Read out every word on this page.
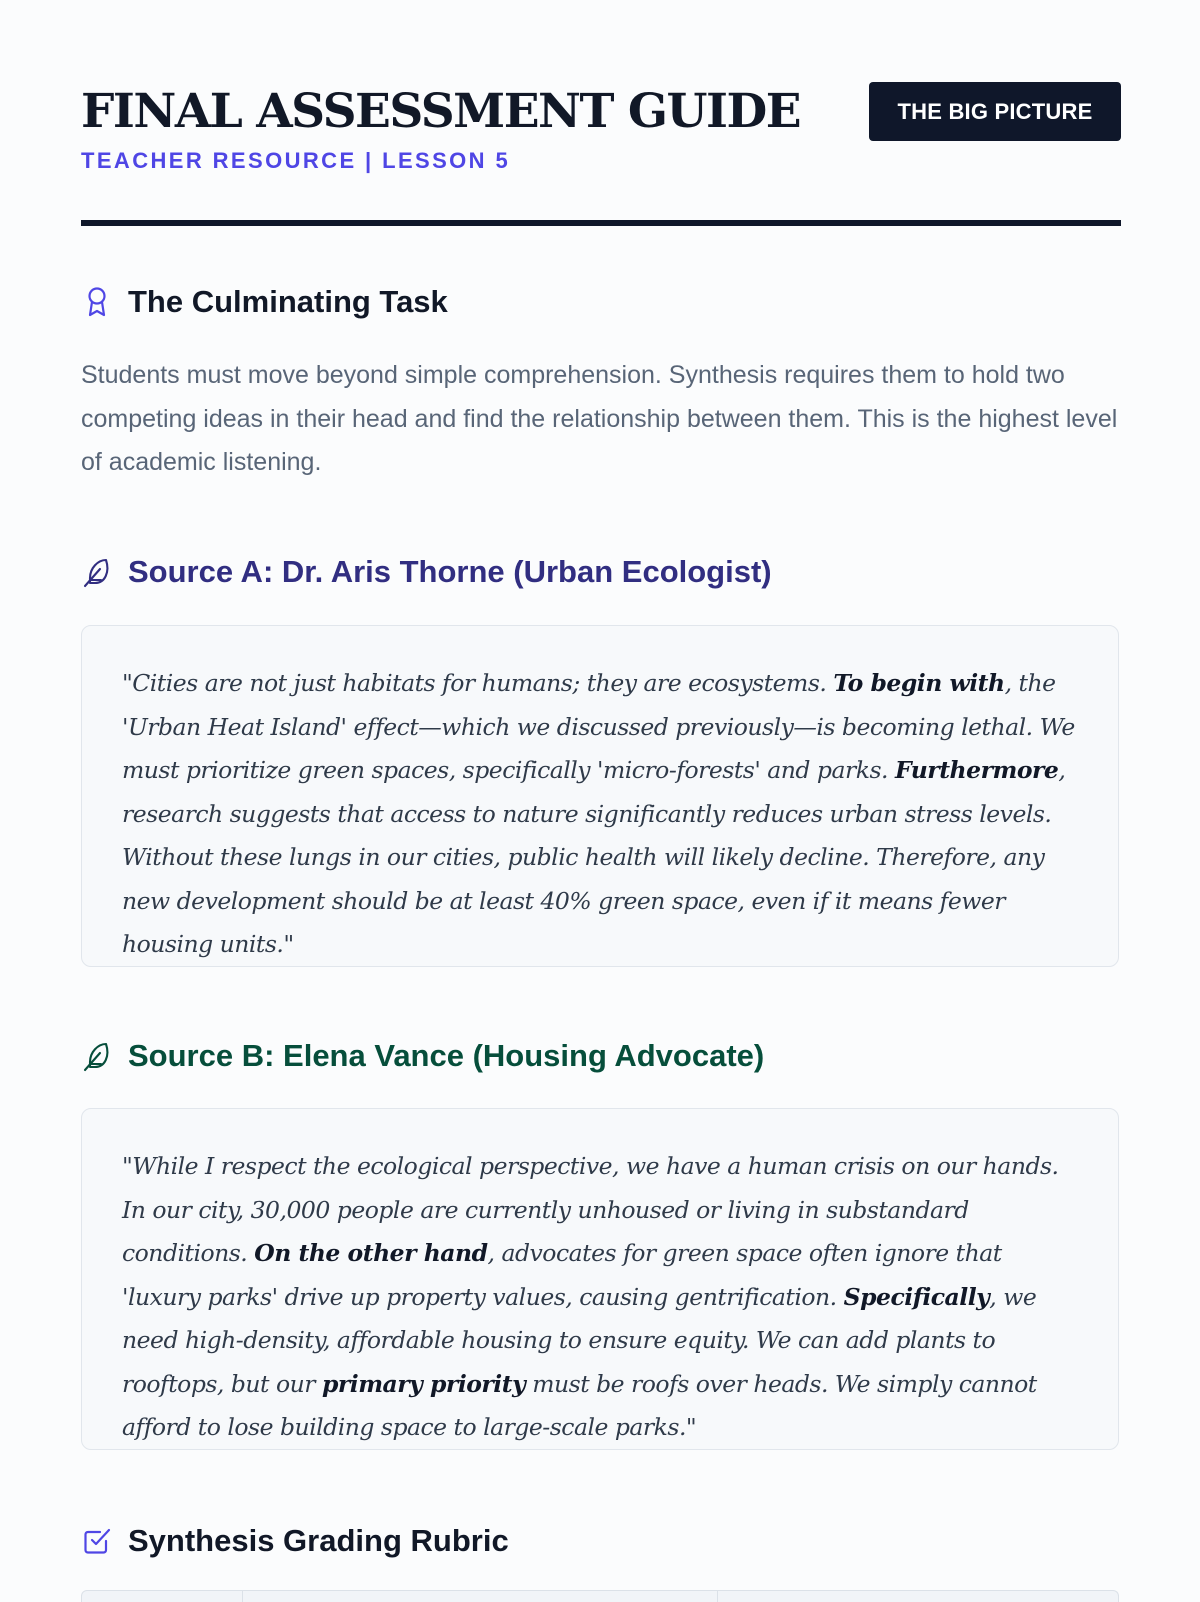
FINAL ASSESSMENT GUIDE
TEACHER RESOURCE | LESSON 5
THE BIG PICTURE
The Culminating Task

Students must move beyond simple comprehension. Synthesis requires them to hold two competing ideas in their head and find the relationship between them. This is the highest level of academic listening.

Source A: Dr. Aris Thorne (Urban Ecologist)

"Cities are not just habitats for humans; they are ecosystems. To begin with, the 'Urban Heat Island' effect—which we discussed previously—is becoming lethal. We must prioritize green spaces, specifically 'micro-forests' and parks. Furthermore, research suggests that access to nature significantly reduces urban stress levels. Without these lungs in our cities, public health will likely decline. Therefore, any new development should be at least 40% green space, even if it means fewer housing units."

Source B: Elena Vance (Housing Advocate)

"While I respect the ecological perspective, we have a human crisis on our hands. In our city, 30,000 people are currently unhoused or living in substandard conditions. On the other hand, advocates for green space often ignore that 'luxury parks' drive up property values, causing gentrification. Specifically, we need high-density, affordable housing to ensure equity. We can add plants to rooftops, but our primary priority must be roofs over heads. We simply cannot afford to lose building space to large-scale parks."

Synthesis Grading Rubric
